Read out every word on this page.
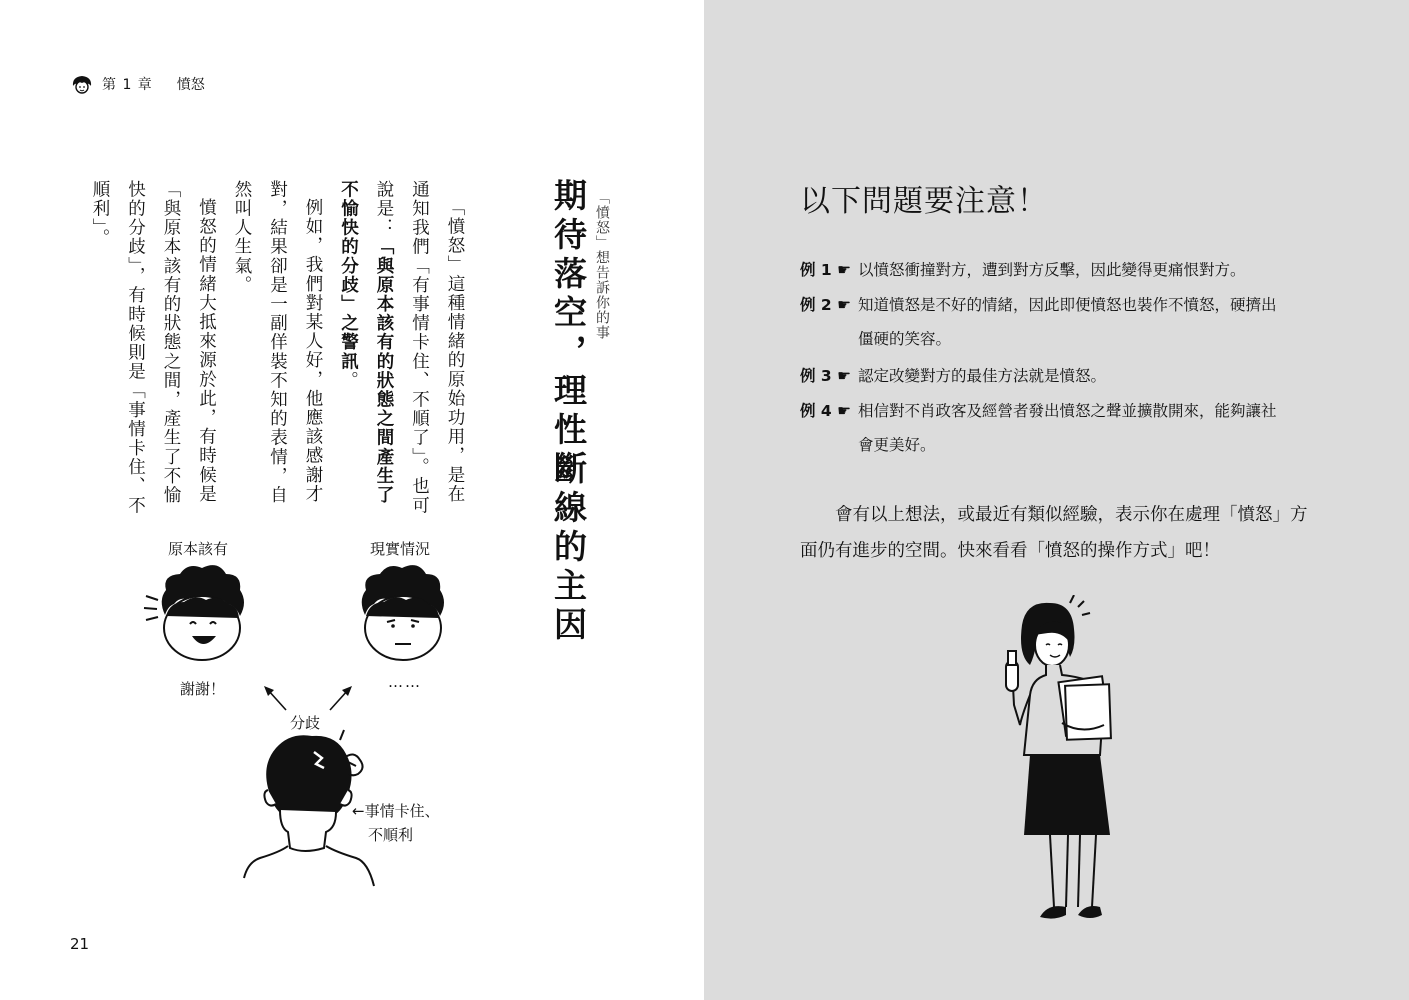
第 1 章 憤怒
「憤怒」想告訴你的事
期待落空，理性斷線的主因

「憤怒」這種情緒的原始功用，是在通知我們「有事情卡住、不順了」。也可說是：「與原本該有的狀態之間產生了不愉快的分歧」之警訊。

例如，我們對某人好，他應該感謝才對，結果卻是一副佯裝不知的表情，自然叫人生氣。

憤怒的情緒大抵來源於此，有時候是「與原本該有的狀態之間，產生了不愉快的分歧」，有時候則是「事情卡住、不順利」。

原本該有	現實情況
謝謝！	……
分歧
←事情卡住、
不順利
21
以下問題要注意！
例 1 ☛ 以憤怒衝撞對方，遭到對方反擊，因此變得更痛恨對方。
例 2 ☛ 知道憤怒是不好的情緒，因此即便憤怒也裝作不憤怒，硬擠出
僵硬的笑容。
例 3 ☛ 認定改變對方的最佳方法就是憤怒。
例 4 ☛ 相信對不肖政客及經營者發出憤怒之聲並擴散開來，能夠讓社
會更美好。
會有以上想法，或最近有類似經驗，表示你在處理「憤怒」方面仍有進步的空間。快來看看「憤怒的操作方式」吧！
